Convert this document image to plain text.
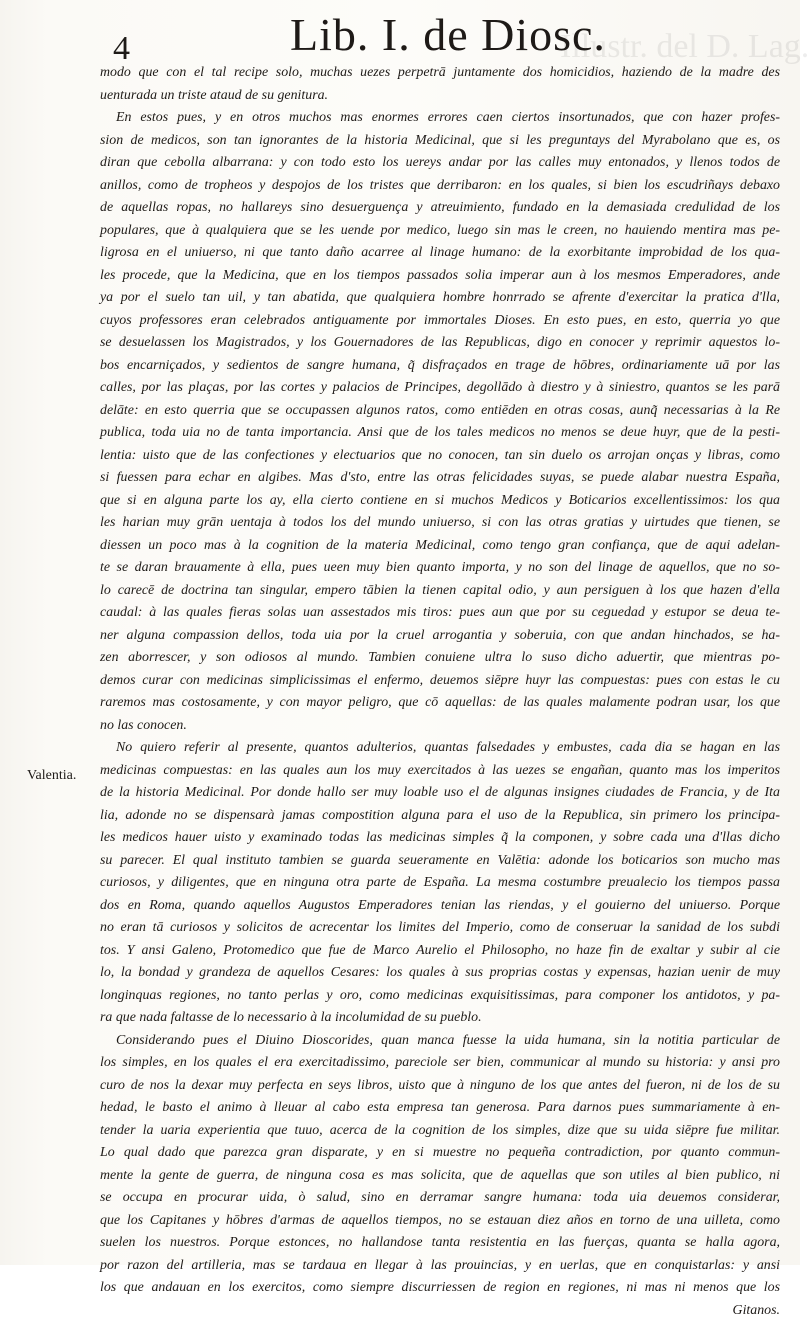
Illustr. del D. Lag.
4	Lib. I. de Diosc.
Valentia.
modo que con el tal recipe solo, muchas uezes perpetrā juntamente dos homicidios, haziendo de la madre des
uenturada un triste ataud de su genitura.
En estos pues, y en otros muchos mas enormes errores caen ciertos insortunados, que con hazer profes-
sion de medicos, son tan ignorantes de la historia Medicinal, que si les preguntays del Myrabolano que es, os
diran que cebolla albarrana: y con todo esto los uereys andar por las calles muy entonados, y llenos todos de
anillos, como de tropheos y despojos de los tristes que derribaron: en los quales, si bien los escudriñays debaxo
de aquellas ropas, no hallareys sino desuerguença y atreuimiento, fundado en la demasiada credulidad de los
populares, que à qualquiera que se les uende por medico, luego sin mas le creen, no hauiendo mentira mas pe-
ligrosa en el uniuerso, ni que tanto daño acarree al linage humano: de la exorbitante improbidad de los qua-
les procede, que la Medicina, que en los tiempos passados solia imperar aun à los mesmos Emperadores, ande
ya por el suelo tan uil, y tan abatida, que qualquiera hombre honrrado se afrente d'exercitar la pratica d'lla,
cuyos professores eran celebrados antiguamente por immortales Dioses. En esto pues, en esto, querria yo que
se desuelassen los Magistrados, y los Gouernadores de las Republicas, digo en conocer y reprimir aquestos lo-
bos encarniçados, y sedientos de sangre humana, q̃ disfraçados en trage de hōbres, ordinariamente uā por las
calles, por las plaças, por las cortes y palacios de Principes, degollādo à diestro y à siniestro, quantos se les parā
delāte: en esto querria que se occupassen algunos ratos, como entiēden en otras cosas, aunq̃ necessarias à la Re
publica, toda uia no de tanta importancia. Ansi que de los tales medicos no menos se deue huyr, que de la pesti-
lentia: uisto que de las confectiones y electuarios que no conocen, tan sin duelo os arrojan onças y libras, como
si fuessen para echar en algibes. Mas d'sto, entre las otras felicidades suyas, se puede alabar nuestra España,
que si en alguna parte los ay, ella cierto contiene en si muchos Medicos y Boticarios excellentissimos: los qua
les harian muy grān uentaja à todos los del mundo uniuerso, si con las otras gratias y uirtudes que tienen, se
diessen un poco mas à la cognition de la materia Medicinal, como tengo gran confiança, que de aqui adelan-
te se daran brauamente à ella, pues ueen muy bien quanto importa, y no son del linage de aquellos, que no so-
lo carecē de doctrina tan singular, empero tābien la tienen capital odio, y aun persiguen à los que hazen d'ella
caudal: à las quales fieras solas uan assestados mis tiros: pues aun que por su ceguedad y estupor se deua te-
ner alguna compassion dellos, toda uia por la cruel arrogantia y soberuia, con que andan hinchados, se ha-
zen aborrescer, y son odiosos al mundo. Tambien conuiene ultra lo suso dicho aduertir, que mientras po-
demos curar con medicinas simplicissimas el enfermo, deuemos siēpre huyr las compuestas: pues con estas le cu
raremos mas costosamente, y con mayor peligro, que cō aquellas: de las quales malamente podran usar, los que
no las conocen.
No quiero referir al presente, quantos adulterios, quantas falsedades y embustes, cada dia se hagan en las
medicinas compuestas: en las quales aun los muy exercitados à las uezes se engañan, quanto mas los imperitos
de la historia Medicinal. Por donde hallo ser muy loable uso el de algunas insignes ciudades de Francia, y de Ita
lia, adonde no se dispensarà jamas compostition alguna para el uso de la Republica, sin primero los principa-
les medicos hauer uisto y examinado todas las medicinas simples q̃ la componen, y sobre cada una d'llas dicho
su parecer. El qual instituto tambien se guarda seueramente en Valētia: adonde los boticarios son mucho mas
curiosos, y diligentes, que en ninguna otra parte de España. La mesma costumbre preualecio los tiempos passa
dos en Roma, quando aquellos Augustos Emperadores tenian las riendas, y el gouierno del uniuerso. Porque
no eran tā curiosos y solicitos de acrecentar los limites del Imperio, como de conseruar la sanidad de los subdi
tos. Y ansi Galeno, Protomedico que fue de Marco Aurelio el Philosopho, no haze fin de exaltar y subir al cie
lo, la bondad y grandeza de aquellos Cesares: los quales à sus proprias costas y expensas, hazian uenir de muy
longinquas regiones, no tanto perlas y oro, como medicinas exquisitissimas, para componer los antidotos, y pa-
ra que nada faltasse de lo necessario à la incolumidad de su pueblo.
Considerando pues el Diuino Dioscorides, quan manca fuesse la uida humana, sin la notitia particular de
los simples, en los quales el era exercitadissimo, pareciole ser bien, communicar al mundo su historia: y ansi pro
curo de nos la dexar muy perfecta en seys libros, uisto que à ninguno de los que antes del fueron, ni de los de su
hedad, le basto el animo à lleuar al cabo esta empresa tan generosa. Para darnos pues summariamente à en-
tender la uaria experientia que tuuo, acerca de la cognition de los simples, dize que su uida siēpre fue militar.
Lo qual dado que parezca gran disparate, y en si muestre no pequeña contradiction, por quanto commun-
mente la gente de guerra, de ninguna cosa es mas solicita, que de aquellas que son utiles al bien publico, ni
se occupa en procurar uida, ò salud, sino en derramar sangre humana: toda uia deuemos considerar,
que los Capitanes y hōbres d'armas de aquellos tiempos, no se estauan diez años en torno de una uilleta, como
suelen los nuestros. Porque estonces, no hallandose tanta resistentia en las fuerças, quanta se halla agora,
por razon del artilleria, mas se tardaua en llegar à las prouincias, y en uerlas, que en conquistarlas: y ansi
los que andauan en los exercitos, como siempre discurriessen de region en regiones, ni mas ni menos que los
Gitanos.
